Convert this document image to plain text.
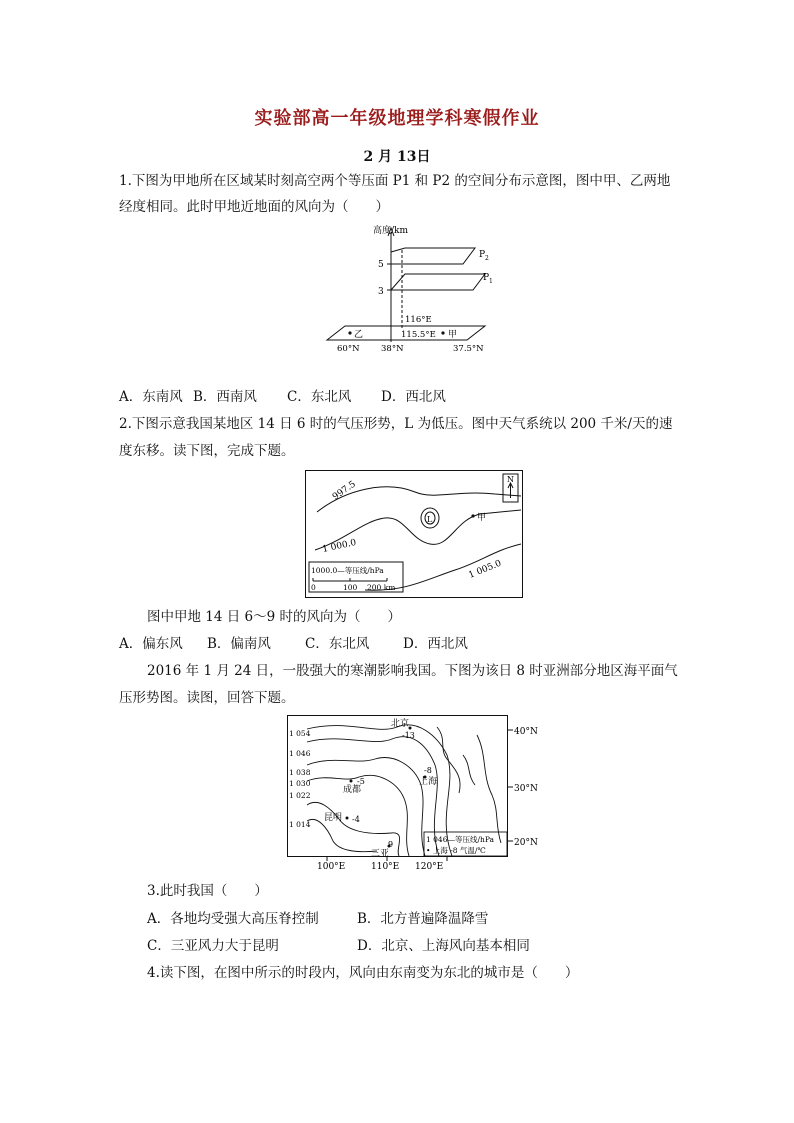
实验部高一年级地理学科寒假作业
2 月 13日
1.下图为甲地所在区域某时刻高空两个等压面 P1 和 P2 的空间分布示意图，图中甲、乙两地
经度相同。此时甲地近地面的风向为（　　）
高度/km
5
3
P 2
P 1
116°E
115.5°E
乙	甲
60°N	38°N	37.5°N
A．东南风 B．西南风 C．东北风 D．西北风
2.下图示意我国某地区 14 日 6 时的气压形势，L 为低压。图中天气系统以 200 千米/天的速
度东移。读下图，完成下题。
997.5
1 000.0
1 005.0
L	甲
N
1000.0—等压线/hPa
0	100 200 km
图中甲地 14 日 6～9 时的风向为（　　）
A．偏东风 B．偏南风	C．东北风 D．西北风
2016 年 1 月 24 日，一股强大的寒潮影响我国。下图为该日 8 时亚洲部分地区海平面气
压形势图。读图，回答下题。
40°N
30°N
20°N
100°E	110°E 120°E
1 054
1 046
1 038
1 030
1 022
1 014
北京
-13
上海
-8
成都
-5
昆明 -4
三亚
9
1 046—等压线/hPa
• 上海 -8 气温/℃
3.此时我国（　　）
A．各地均受强大高压脊控制	B．北方普遍降温降雪
C．三亚风力大于昆明	D．北京、上海风向基本相同
4.读下图，在图中所示的时段内，风向由东南变为东北的城市是（　　）
